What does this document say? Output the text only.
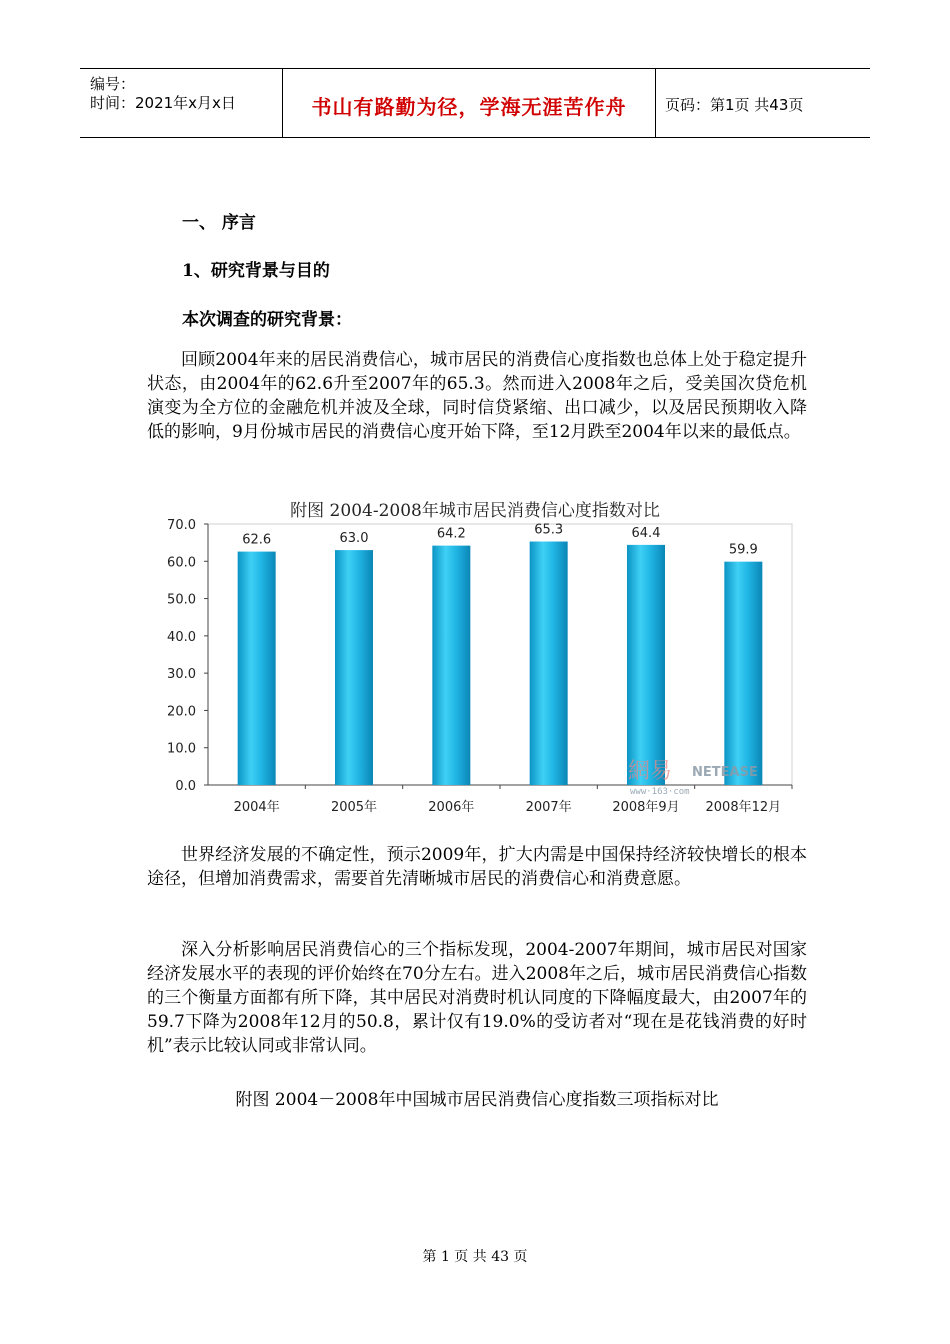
编号：
时间：2021年x月x日	书山有路勤为径，学海无涯苦作舟	页码：第1页 共43页
一、 序言
1、研究背景与目的
本次调查的研究背景：
回顾2004年来的居民消费信心，城市居民的消费信心度指数也总体上处于稳定提升状态，由2004年的62.6升至2007年的65.3。然而进入2008年之后，受美国次贷危机演变为全方位的金融危机并波及全球，同时信贷紧缩、出口减少，以及居民预期收入降低的影响，9月份城市居民的消费信心度开始下降，至12月跌至2004年以来的最低点。
附图 2004-2008年城市居民消费信心度指数对比
0.0
10.0
20.0
30.0
40.0
50.0
60.0
70.0
62.6
2004年
63.0
2005年
64.2
2006年
65.3
2007年
64.4
2008年9月
59.9
2008年12月
網易 NETEASE
www·163·com
世界经济发展的不确定性，预示2009年，扩大内需是中国保持经济较快增长的根本途径，但增加消费需求，需要首先清晰城市居民的消费信心和消费意愿。
深入分析影响居民消费信心的三个指标发现，2004-2007年期间，城市居民对国家经济发展水平的表现的评价始终在70分左右。进入2008年之后，城市居民消费信心指数的三个衡量方面都有所下降，其中居民对消费时机认同度的下降幅度最大，由2007年的59.7下降为2008年12月的50.8，累计仅有19.0%的受访者对“现在是花钱消费的好时机”表示比较认同或非常认同。
附图 2004－2008年中国城市居民消费信心度指数三项指标对比
第 1 页 共 43 页
